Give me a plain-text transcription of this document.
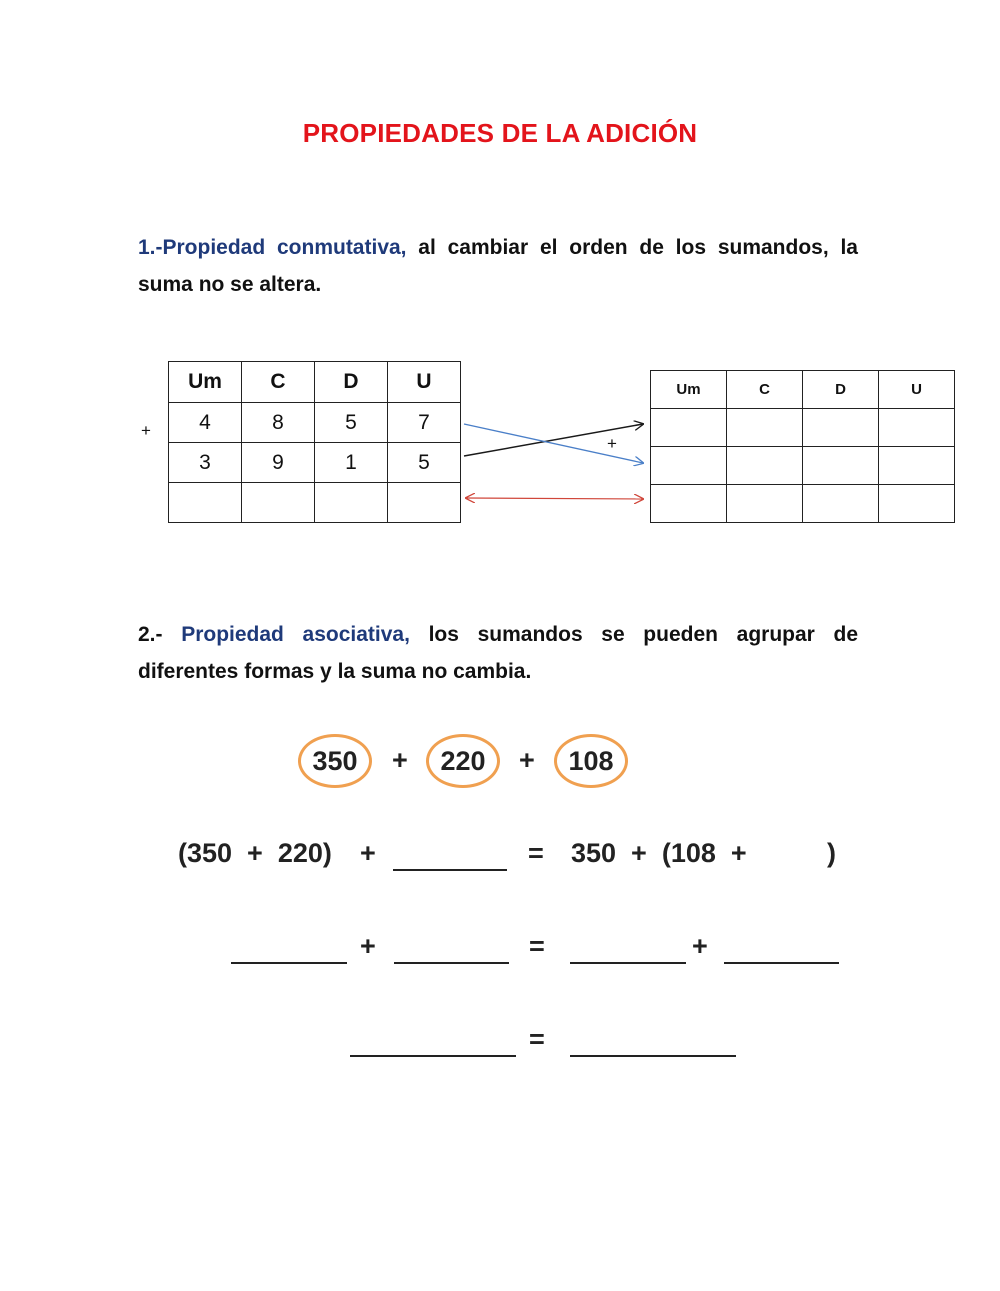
PROPIEDADES DE LA ADICIÓN
1.-Propiedad conmutativa, al cambiar el orden de los sumandos, la suma no se altera.
+
Um	C	D	U
4	8	5	7
3	9	1	5

+
Um	C	D	U

2.- Propiedad asociativa, los sumandos se pueden agrupar de diferentes formas y la suma no cambia.
350	+	220	+	108
(350  +  220) +	= 350  +  (108  +	)
+	=	+
=
